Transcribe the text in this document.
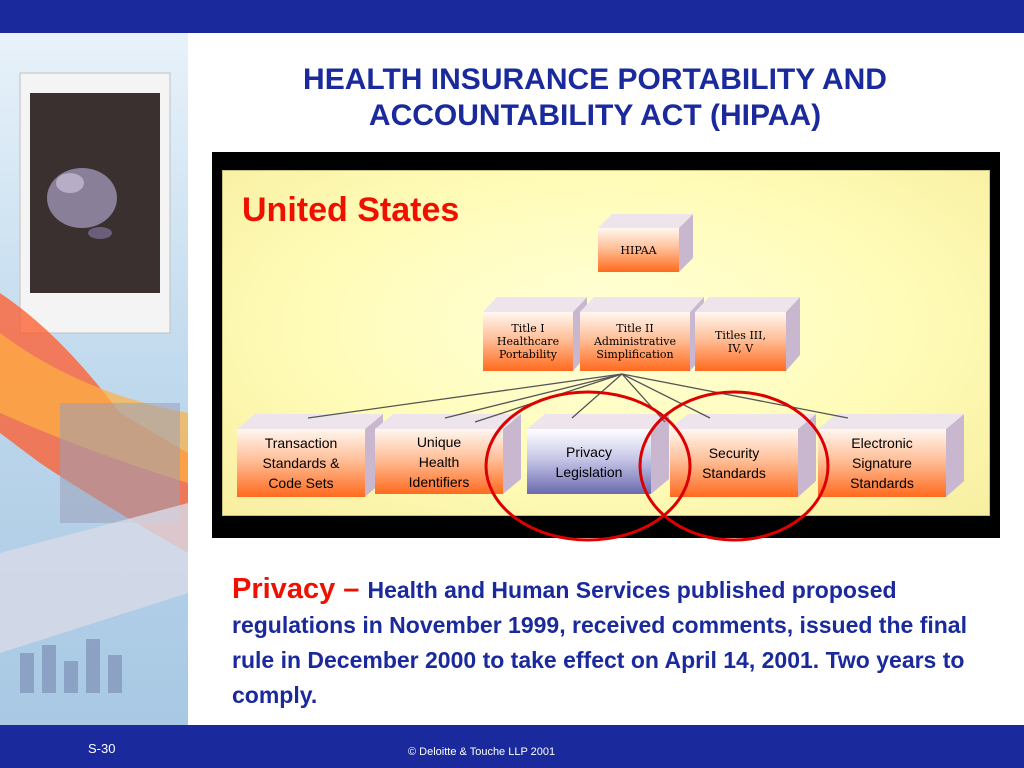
HEALTH INSURANCE PORTABILITY AND ACCOUNTABILITY ACT (HIPAA)
United States
HIPAA
Title I Healthcare Portability
Title II Administrative Simplification
Titles III, IV, V
Transaction Standards & Code Sets
Unique Health Identifiers
Privacy Legislation
Security Standards
Electronic Signature Standards
Privacy – Health and Human Services published proposed regulations in November 1999, received comments, issued the final rule in December 2000 to take effect on April 14, 2001. Two years to comply.
S-30	© Deloitte & Touche LLP 2001
